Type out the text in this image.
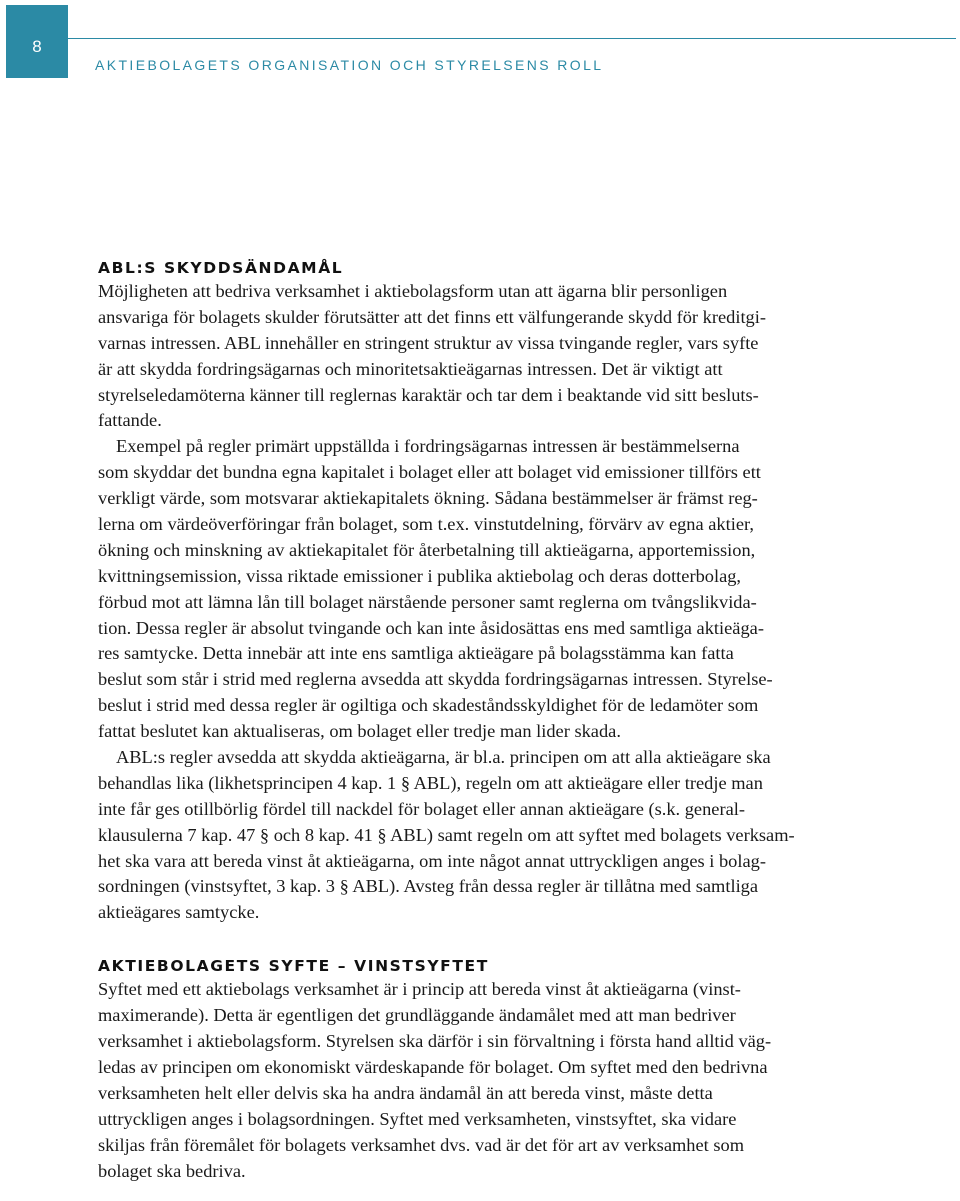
8
AKTIEBOLAGETS ORGANISATION OCH STYRELSENS ROLL
ABL:S SKYDDSÄNDAMÅL

Möjligheten att bedriva verksamhet i aktiebolagsform utan att ägarna blir personligen
ansvariga för bolagets skulder förutsätter att det finns ett välfungerande skydd för kreditgi-
varnas intressen. ABL innehåller en stringent struktur av vissa tvingande regler, vars syfte
är att skydda fordringsägarnas och minoritetsaktieägarnas intressen. Det är viktigt att
styrelseledamöterna känner till reglernas karaktär och tar dem i beaktande vid sitt besluts-
fattande.

Exempel på regler primärt uppställda i fordringsägarnas intressen är bestämmelserna
som skyddar det bundna egna kapitalet i bolaget eller att bolaget vid emissioner tillförs ett
verkligt värde, som motsvarar aktiekapitalets ökning. Sådana bestämmelser är främst reg-
lerna om värdeöverföringar från bolaget, som t.ex. vinstutdelning, förvärv av egna aktier,
ökning och minskning av aktiekapitalet för återbetalning till aktieägarna, apportemission,
kvittningsemission, vissa riktade emissioner i publika aktiebolag och deras dotterbolag,
förbud mot att lämna lån till bolaget närstående personer samt reglerna om tvångslikvida-
tion. Dessa regler är absolut tvingande och kan inte åsidosättas ens med samtliga aktieäga-
res samtycke. Detta innebär att inte ens samtliga aktieägare på bolagsstämma kan fatta
beslut som står i strid med reglerna avsedda att skydda fordringsägarnas intressen. Styrelse-
beslut i strid med dessa regler är ogiltiga och skadeståndsskyldighet för de ledamöter som
fattat beslutet kan aktualiseras, om bolaget eller tredje man lider skada.

ABL:s regler avsedda att skydda aktieägarna, är bl.a. principen om att alla aktieägare ska
behandlas lika (likhetsprincipen 4 kap. 1 § ABL), regeln om att aktieägare eller tredje man
inte får ges otillbörlig fördel till nackdel för bolaget eller annan aktieägare (s.k. general-
klausulerna 7 kap. 47 § och 8 kap. 41 § ABL) samt regeln om att syftet med bolagets verksam-
het ska vara att bereda vinst åt aktieägarna, om inte något annat uttryckligen anges i bolag-
sordningen (vinstsyftet, 3 kap. 3 § ABL). Avsteg från dessa regler är tillåtna med samtliga
aktieägares samtycke.

AKTIEBOLAGETS SYFTE – VINSTSYFTET

Syftet med ett aktiebolags verksamhet är i princip att bereda vinst åt aktieägarna (vinst-
maximerande). Detta är egentligen det grundläggande ändamålet med att man bedriver
verksamhet i aktiebolagsform. Styrelsen ska därför i sin förvaltning i första hand alltid väg-
ledas av principen om ekonomiskt värdeskapande för bolaget. Om syftet med den bedrivna
verksamheten helt eller delvis ska ha andra ändamål än att bereda vinst, måste detta
uttryckligen anges i bolagsordningen. Syftet med verksamheten, vinstsyftet, ska vidare
skiljas från föremålet för bolagets verksamhet dvs. vad är det för art av verksamhet som
bolaget ska bedriva.
